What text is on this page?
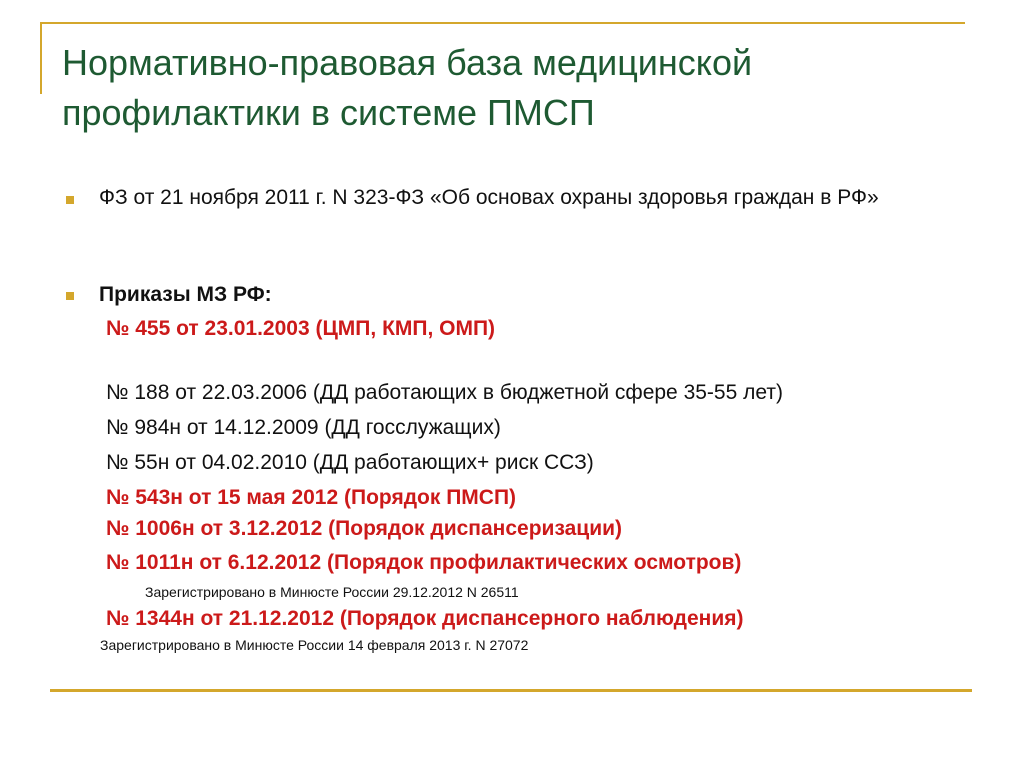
Нормативно-правовая база медицинской профилактики в системе ПМСП
ФЗ от 21 ноября 2011 г. N 323-ФЗ «Об основах охраны здоровья граждан в РФ»
Приказы МЗ РФ:
№ 455 от 23.01.2003 (ЦМП, КМП, ОМП)
№ 188 от 22.03.2006 (ДД работающих в бюджетной сфере 35-55 лет)
№ 984н от 14.12.2009 (ДД госслужащих)
№ 55н от 04.02.2010 (ДД работающих+ риск ССЗ)
№ 543н от 15 мая 2012 (Порядок ПМСП)
№ 1006н от 3.12.2012 (Порядок диспансеризации)
№ 1011н от 6.12.2012 (Порядок профилактических осмотров)
Зарегистрировано в Минюсте России 29.12.2012 N 26511
№ 1344н от 21.12.2012 (Порядок диспансерного наблюдения)
Зарегистрировано в Минюсте России 14 февраля 2013 г. N 27072
